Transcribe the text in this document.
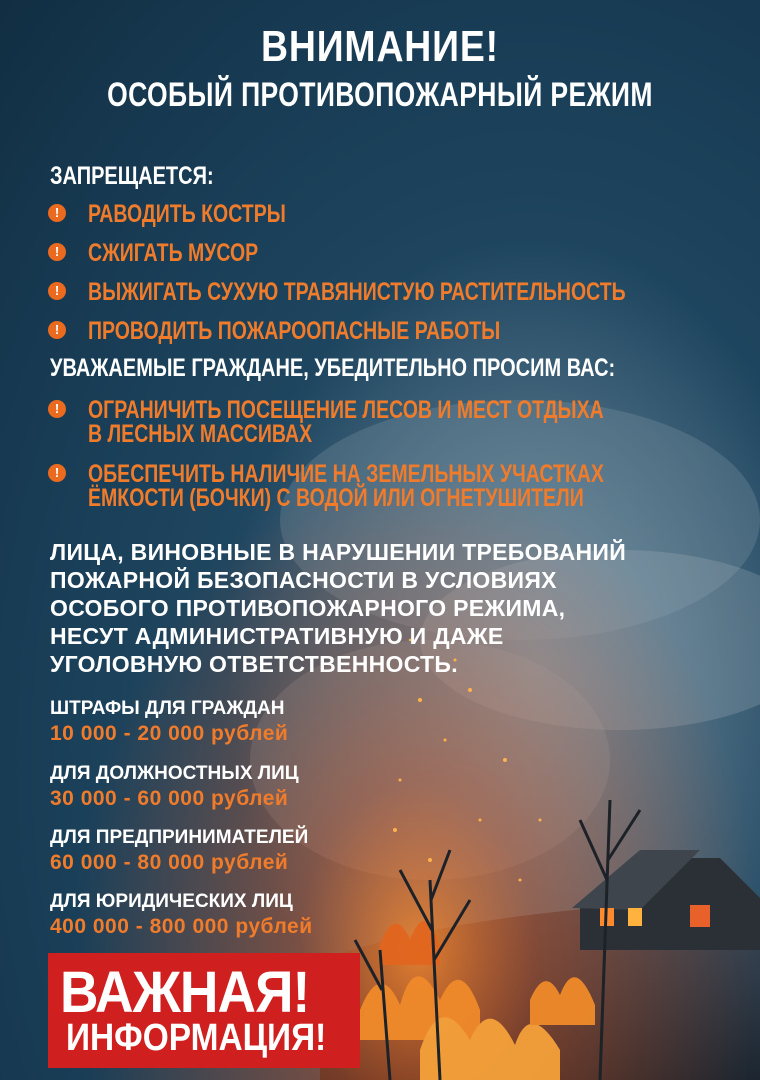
ВНИМАНИЕ!
ОСОБЫЙ ПРОТИВОПОЖАРНЫЙ РЕЖИМ
ЗАПРЕЩАЕТСЯ:
!
РАВОДИТЬ КОСТРЫ
!
СЖИГАТЬ МУСОР
!
ВЫЖИГАТЬ СУХУЮ ТРАВЯНИСТУЮ РАСТИТЕЛЬНОСТЬ
!
ПРОВОДИТЬ ПОЖАРООПАСНЫЕ РАБОТЫ
УВАЖАЕМЫЕ ГРАЖДАНЕ, УБЕДИТЕЛЬНО ПРОСИМ ВАС:
!
ОГРАНИЧИТЬ ПОСЕЩЕНИЕ ЛЕСОВ И МЕСТ ОТДЫХА
В ЛЕСНЫХ МАССИВАХ
!
ОБЕСПЕЧИТЬ НАЛИЧИЕ НА ЗЕМЕЛЬНЫХ УЧАСТКАХ
ЁМКОСТИ (БОЧКИ) С ВОДОЙ ИЛИ ОГНЕТУШИТЕЛИ
ЛИЦА, ВИНОВНЫЕ В НАРУШЕНИИ ТРЕБОВАНИЙ
ПОЖАРНОЙ БЕЗОПАСНОСТИ В УСЛОВИЯХ
ОСОБОГО ПРОТИВОПОЖАРНОГО РЕЖИМА,
НЕСУТ АДМИНИСТРАТИВНУЮ И ДАЖЕ
УГОЛОВНУЮ ОТВЕТСТВЕННОСТЬ.
ШТРАФЫ ДЛЯ ГРАЖДАН
10 000 - 20 000 рублей
ДЛЯ ДОЛЖНОСТНЫХ ЛИЦ
30 000 - 60 000 рублей
ДЛЯ ПРЕДПРИНИМАТЕЛЕЙ
60 000 - 80 000 рублей
ДЛЯ ЮРИДИЧЕСКИХ ЛИЦ
400 000 - 800 000 рублей
ВАЖНАЯ!
ИНФОРМАЦИЯ!
